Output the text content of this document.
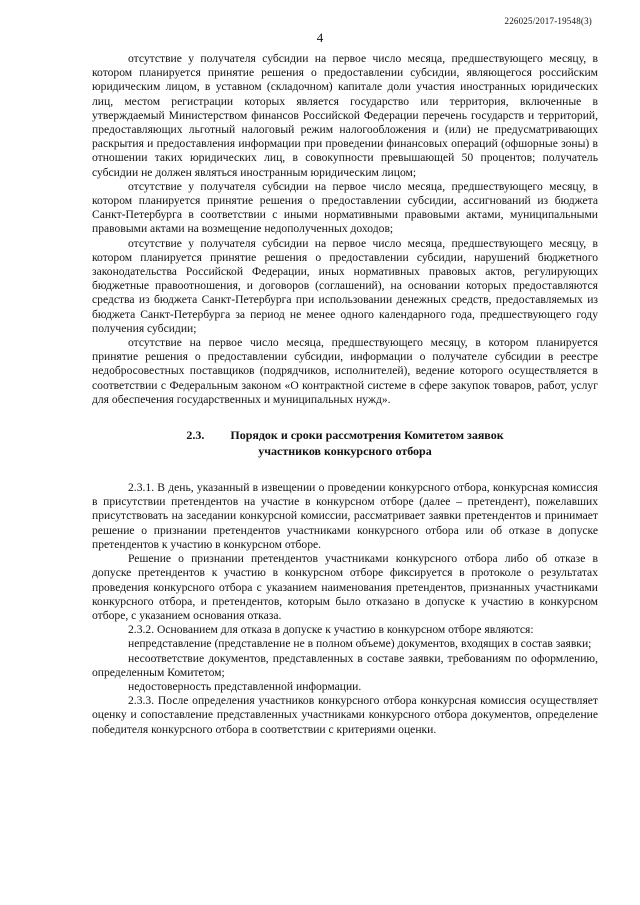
226025/2017-19548(3)
4

отсутствие у получателя субсидии на первое число месяца, предшествующего месяцу, в котором планируется принятие решения о предоставлении субсидии, являющегося российским юридическим лицом, в уставном (складочном) капитале доли участия иностранных юридических лиц, местом регистрации которых является государство или территория, включенные в утверждаемый Министерством финансов Российской Федерации перечень государств и территорий, предоставляющих льготный налоговый режим налогообложения и (или) не предусматривающих раскрытия и предоставления информации при проведении финансовых операций (офшорные зоны) в отношении таких юридических лиц, в совокупности превышающей 50 процентов; получатель субсидии не должен являться иностранным юридическим лицом;

отсутствие у получателя субсидии на первое число месяца, предшествующего месяцу, в котором планируется принятие решения о предоставлении субсидии, ассигнований из бюджета Санкт-Петербурга в соответствии с иными нормативными правовыми актами, муниципальными правовыми актами на возмещение недополученных доходов;

отсутствие у получателя субсидии на первое число месяца, предшествующего месяцу, в котором планируется принятие решения о предоставлении субсидии, нарушений бюджетного законодательства Российской Федерации, иных нормативных правовых актов, регулирующих бюджетные правоотношения, и договоров (соглашений), на основании которых предоставляются средства из бюджета Санкт-Петербурга при использовании денежных средств, предоставляемых из бюджета Санкт-Петербурга за период не менее одного календарного года, предшествующего году получения субсидии;

отсутствие на первое число месяца, предшествующего месяцу, в котором планируется принятие решения о предоставлении субсидии, информации о получателе субсидии в реестре недобросовестных поставщиков (подрядчиков, исполнителей), ведение которого осуществляется в соответствии с Федеральным законом «О контрактной системе в сфере закупок товаров, работ, услуг для обеспечения государственных и муниципальных нужд».

2.3. Порядок и сроки рассмотрения Комитетом заявок

участников конкурсного отбора

2.3.1. В день, указанный в извещении о проведении конкурсного отбора, конкурсная комиссия в присутствии претендентов на участие в конкурсном отборе (далее – претендент), пожелавших присутствовать на заседании конкурсной комиссии, рассматривает заявки претендентов и принимает решение о признании претендентов участниками конкурсного отбора или об отказе в допуске претендентов к участию в конкурсном отборе.

Решение о признании претендентов участниками конкурсного отбора либо об отказе в допуске претендентов к участию в конкурсном отборе фиксируется в протоколе о результатах проведения конкурсного отбора с указанием наименования претендентов, признанных участниками конкурсного отбора, и претендентов, которым было отказано в допуске к участию в конкурсном отборе, с указанием основания отказа.

2.3.2. Основанием для отказа в допуске к участию в конкурсном отборе являются:

непредставление (представление не в полном объеме) документов, входящих в состав заявки;

несоответствие документов, представленных в составе заявки, требованиям по оформлению, определенным Комитетом;

недостоверность представленной информации.

2.3.3. После определения участников конкурсного отбора конкурсная комиссия осуществляет оценку и сопоставление представленных участниками конкурсного отбора документов, определение победителя конкурсного отбора в соответствии с критериями оценки.
